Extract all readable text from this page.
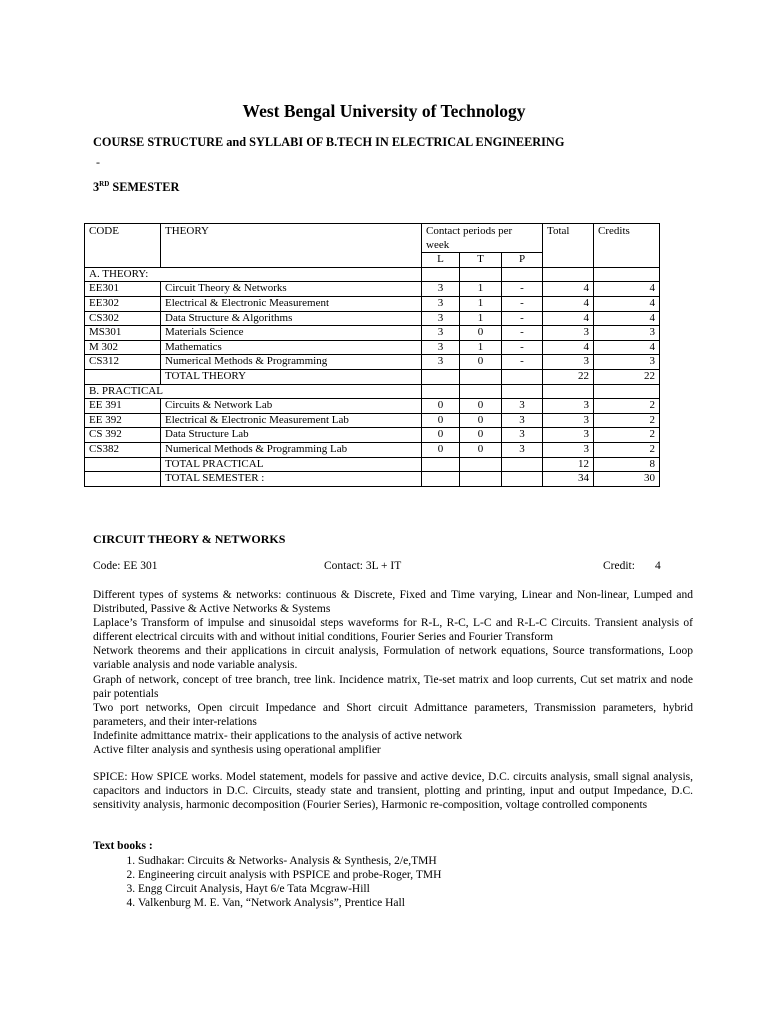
West Bengal University of Technology
COURSE STRUCTURE and SYLLABI OF B.TECH IN ELECTRICAL ENGINEERING
-
3RD SEMESTER
CODE	THEORY	Contact periods per week			Total	Credits
		L	T	P		
A. THEORY:						
EE301	Circuit Theory & Networks	3	1	-	4	4
EE302	Electrical & Electronic Measurement	3	1	-	4	4
CS302	Data Structure & Algorithms	3	1	-	4	4
MS301	Materials Science	3	0	-	3	3
M 302	Mathematics	3	1	-	4	4
CS312	Numerical Methods & Programming	3	0	-	3	3
	TOTAL THEORY				22	22
B. PRACTICAL						
EE 391	Circuits & Network Lab	0	0	3	3	2
EE 392	Electrical & Electronic Measurement Lab	0	0	3	3	2
CS 392	Data Structure Lab	0	0	3	3	2
CS382	Numerical Methods & Programming Lab	0	0	3	3	2
	TOTAL PRACTICAL				12	8
	TOTAL SEMESTER :				34	30
CIRCUIT THEORY & NETWORKS
Code: EE 301	Contact: 3L + IT	Credit: 4

Different types of systems & networks: continuous & Discrete, Fixed and Time varying, Linear and Non-linear, Lumped and Distributed, Passive & Active Networks & Systems

Laplace’s Transform of impulse and sinusoidal steps waveforms for R-L, R-C, L-C and R-L-C Circuits. Transient analysis of different electrical circuits with and without initial conditions, Fourier Series and Fourier Transform

Network theorems and their applications in circuit analysis, Formulation of network equations, Source transformations, Loop variable analysis and node variable analysis.

Graph of network, concept of tree branch, tree link. Incidence matrix, Tie-set matrix and loop currents, Cut set matrix and node pair potentials

Two port networks, Open circuit Impedance and Short circuit Admittance parameters, Transmission parameters, hybrid parameters, and their inter-relations

Indefinite admittance matrix- their applications to the analysis of active network

Active filter analysis and synthesis using operational amplifier

SPICE: How SPICE works. Model statement, models for passive and active device, D.C. circuits analysis, small signal analysis, capacitors and inductors in D.C. Circuits, steady state and transient, plotting and printing, input and output Impedance, D.C. sensitivity analysis, harmonic decomposition (Fourier Series), Harmonic re-composition, voltage controlled components

Text books :
1. Sudhakar: Circuits & Networks- Analysis & Synthesis, 2/e,TMH
2. Engineering circuit analysis with PSPICE and probe-Roger, TMH
3. Engg Circuit Analysis, Hayt 6/e Tata Mcgraw-Hill
4. Valkenburg M. E. Van, “Network Analysis”, Prentice Hall
